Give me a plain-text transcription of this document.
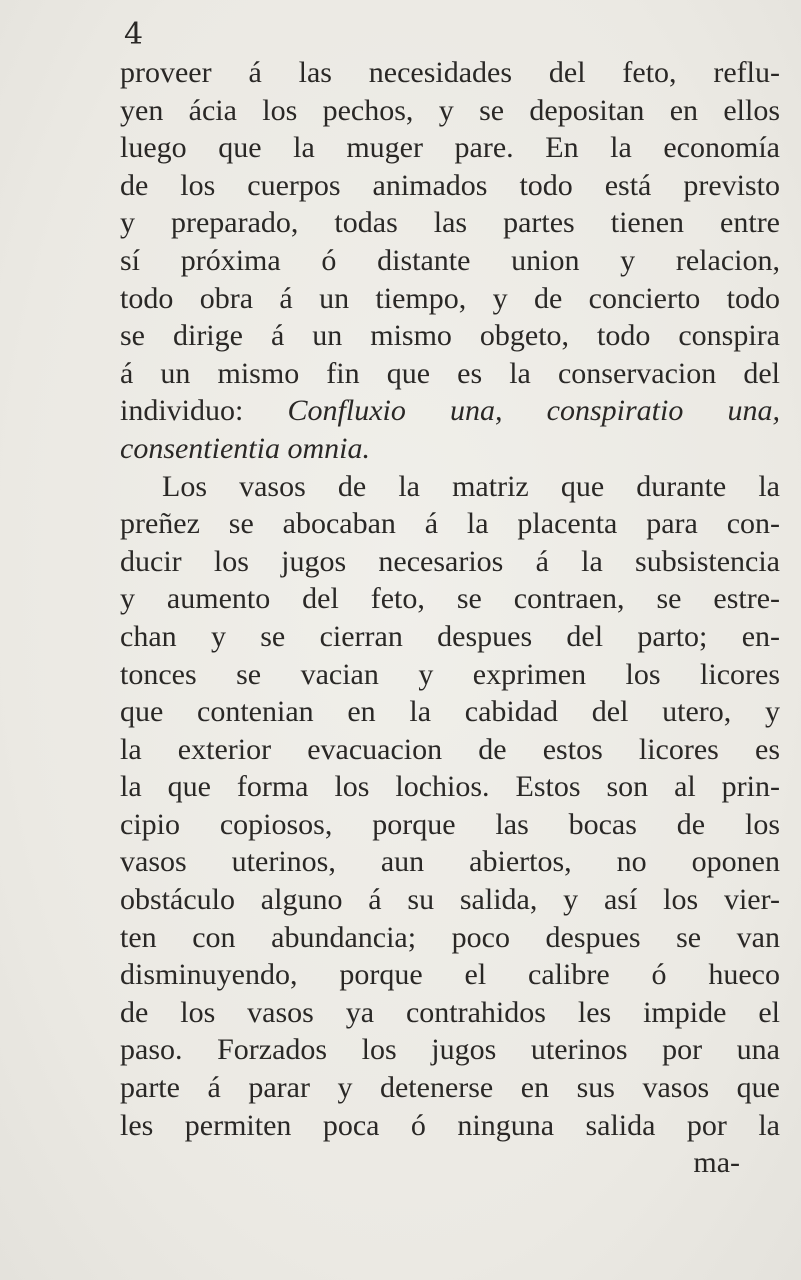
4
proveer á las necesidades del feto, reflu-
yen ácia los pechos, y se depositan en ellos
luego que la muger pare. En la economía
de los cuerpos animados todo está previsto
y preparado, todas las partes tienen entre
sí próxima ó distante union y relacion,
todo obra á un tiempo, y de concierto todo
se dirige á un mismo obgeto, todo conspira
á un mismo fin que es la conservacion del
individuo: Confluxio una, conspiratio una,
consentientia omnia.
Los vasos de la matriz que durante la
preñez se abocaban á la placenta para con-
ducir los jugos necesarios á la subsistencia
y aumento del feto, se contraen, se estre-
chan y se cierran despues del parto; en-
tonces se vacian y exprimen los licores
que contenian en la cabidad del utero, y
la exterior evacuacion de estos licores es
la que forma los lochios. Estos son al prin-
cipio copiosos, porque las bocas de los
vasos uterinos, aun abiertos, no oponen
obstáculo alguno á su salida, y así los vier-
ten con abundancia; poco despues se van
disminuyendo, porque el calibre ó hueco
de los vasos ya contrahidos les impide el
paso. Forzados los jugos uterinos por una
parte á parar y detenerse en sus vasos que
les permiten poca ó ninguna salida por la
ma-
